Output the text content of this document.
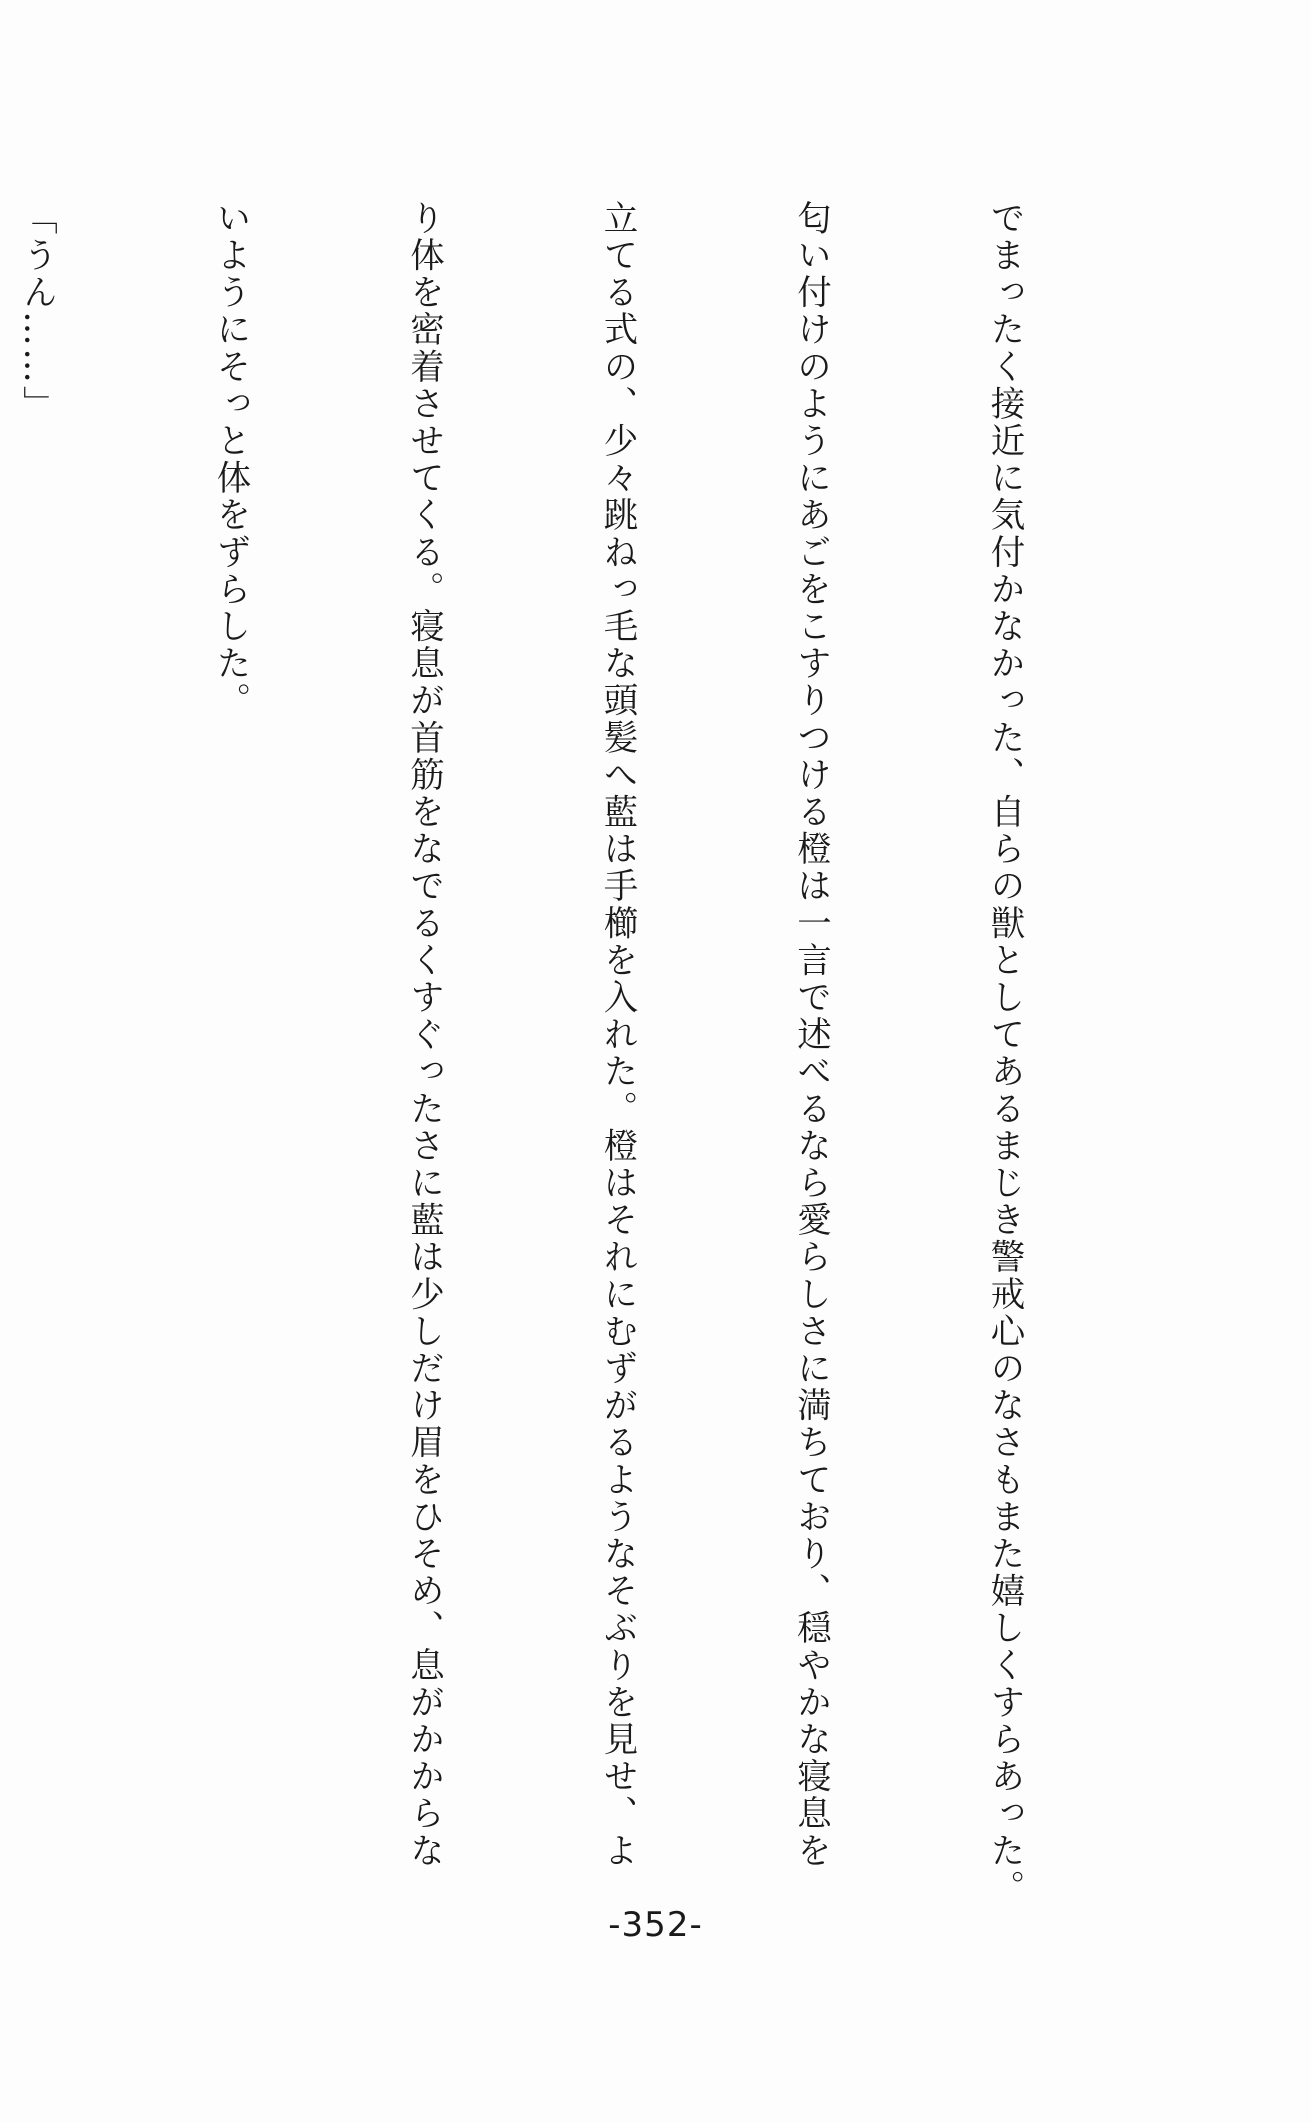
でまったく接近に気付かなかった、自らの獣としてあるまじき警戒心のなさもまた嬉しくすらあった。

匂い付けのようにあごをこすりつける橙は一言で述べるなら愛らしさに満ちており、穏やかな寝息を

立てる式の、少々跳ねっ毛な頭髪へ藍は手櫛を入れた。橙はそれにむずがるようなそぶりを見せ、よ

り体を密着させてくる。寝息が首筋をなでるくすぐったさに藍は少しだけ眉をひそめ、息がかからな

いようにそっと体をずらした。

「うん……」

-352-
